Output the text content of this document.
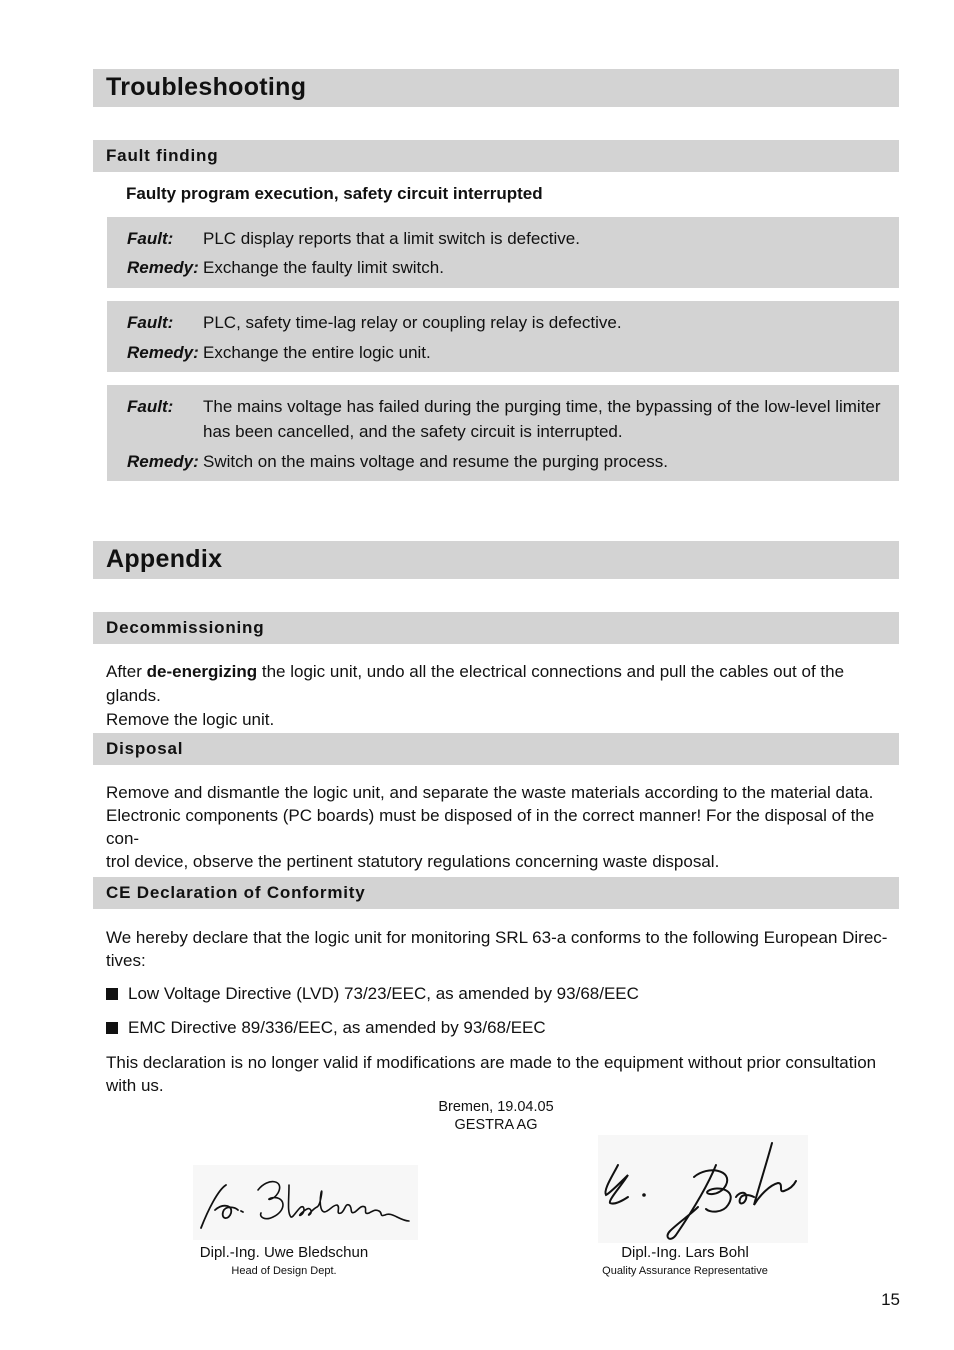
Troubleshooting
Fault finding
Faulty program execution, safety circuit interrupted
Fault:	PLC display reports that a limit switch is defective.
Remedy: Exchange the faulty limit switch.
Fault:	PLC, safety time-lag relay or coupling relay is defective.
Remedy: Exchange the entire logic unit.
Fault:	The mains voltage has failed during the purging time, the bypassing of the low-level limiter
has been cancelled, and the safety circuit is interrupted.
Remedy: Switch on the mains voltage and resume the purging process.
Appendix
Decommissioning
After de-energizing the logic unit, undo all the electrical connections and pull the cables out of the glands.
Remove the logic unit.
Disposal
Remove and dismantle the logic unit, and separate the waste materials according to the material data.
Electronic components (PC boards) must be disposed of in the correct manner! For the disposal of the con-
trol device, observe the pertinent statutory regulations concerning waste disposal.
CE Declaration of Conformity
We hereby declare that the logic unit for monitoring SRL 63-a conforms to the following European Direc-
tives:
Low Voltage Directive (LVD) 73/23/EEC, as amended by 93/68/EEC
EMC Directive 89/336/EEC, as amended by 93/68/EEC
This declaration is no longer valid if modifications are made to the equipment without prior consultation
with us.
Bremen, 19.04.05
GESTRA AG
Dipl.-Ing. Uwe Bledschun
Head of Design Dept.
Dipl.-Ing. Lars Bohl
Quality Assurance Representative
15
